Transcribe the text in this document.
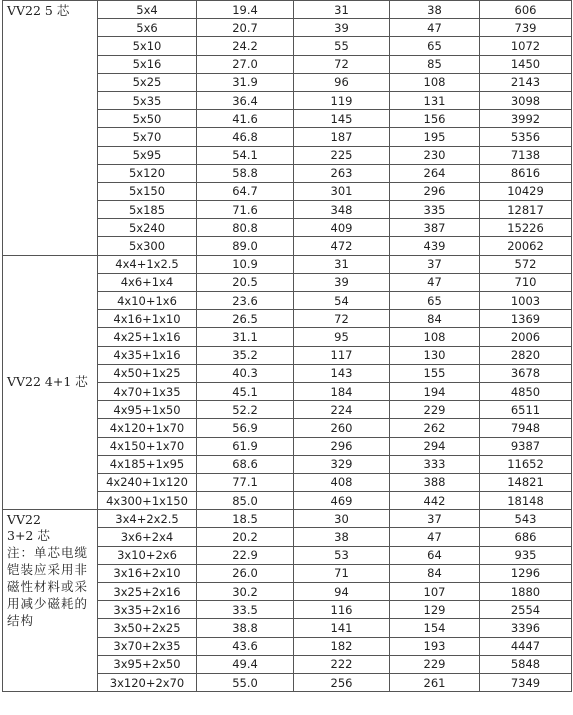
VV22 5 芯	5x4	19.4	31	38	606
	5x6	20.7	39	47	739
	5x10	24.2	55	65	1072
	5x16	27.0	72	85	1450
	5x25	31.9	96	108	2143
	5x35	36.4	119	131	3098
	5x50	41.6	145	156	3992
	5x70	46.8	187	195	5356
	5x95	54.1	225	230	7138
	5x120	58.8	263	264	8616
	5x150	64.7	301	296	10429
	5x185	71.6	348	335	12817
	5x240	80.8	409	387	15226
	5x300	89.0	472	439	20062

VV22 4+1 芯	4x4+1x2.5	10.9	31	37	572
	4x6+1x4	20.5	39	47	710
	4x10+1x6	23.6	54	65	1003
	4x16+1x10	26.5	72	84	1369
	4x25+1x16	31.1	95	108	2006
	4x35+1x16	35.2	117	130	2820
	4x50+1x25	40.3	143	155	3678
	4x70+1x35	45.1	184	194	4850
	4x95+1x50	52.2	224	229	6511
	4x120+1x70	56.9	260	262	7948
	4x150+1x70	61.9	296	294	9387
	4x185+1x95	68.6	329	333	11652
	4x240+1x120	77.1	408	388	14821
	4x300+1x150	85.0	469	442	18148

VV22
3+2 芯
注：单芯电缆铠装应采用非磁性材料或采用减少磁耗的结构	3x4+2x2.5	18.5	30	37	543
	3x6+2x4	20.2	38	47	686
	3x10+2x6	22.9	53	64	935
	3x16+2x10	26.0	71	84	1296
	3x25+2x16	30.2	94	107	1880
	3x35+2x16	33.5	116	129	2554
	3x50+2x25	38.8	141	154	3396
	3x70+2x35	43.6	182	193	4447
	3x95+2x50	49.4	222	229	5848
	3x120+2x70	55.0	256	261	7349
